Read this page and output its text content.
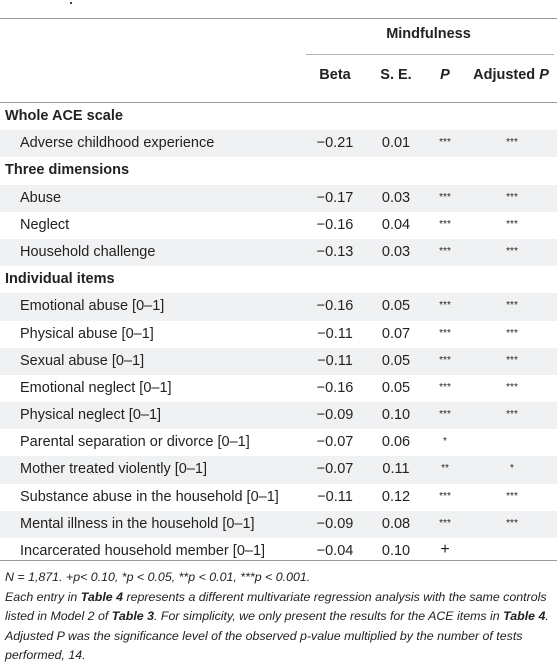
Mindfulness
Beta	S. E.	P	Adjusted P
Whole ACE scale
Adverse childhood experience	−0.21	0.01	***	***
Three dimensions
Abuse	−0.17	0.03	***	***
Neglect	−0.16	0.04	***	***
Household challenge	−0.13	0.03	***	***
Individual items
Emotional abuse [0–1]	−0.16	0.05	***	***
Physical abuse [0–1]	−0.11	0.07	***	***
Sexual abuse [0–1]	−0.11	0.05	***	***
Emotional neglect [0–1]	−0.16	0.05	***	***
Physical neglect [0–1]	−0.09	0.10	***	***
Parental separation or divorce [0–1]	−0.07	0.06	*
Mother treated violently [0–1]	−0.07	0.11	**	*
Substance abuse in the household [0–1]	−0.11	0.12	***	***
Mental illness in the household [0–1]	−0.09	0.08	***	***
Incarcerated household member [0–1]	−0.04	0.10	+

N = 1,871. +p< 0.10, *p < 0.05, **p < 0.01, ***p < 0.001.

Each entry in Table 4 represents a different multivariate regression analysis with the same controls listed in Model 2 of Table 3. For simplicity, we only present the results for the ACE items in Table 4. Adjusted P was the significance level of the observed p-value multiplied by the number of tests performed, 14.
